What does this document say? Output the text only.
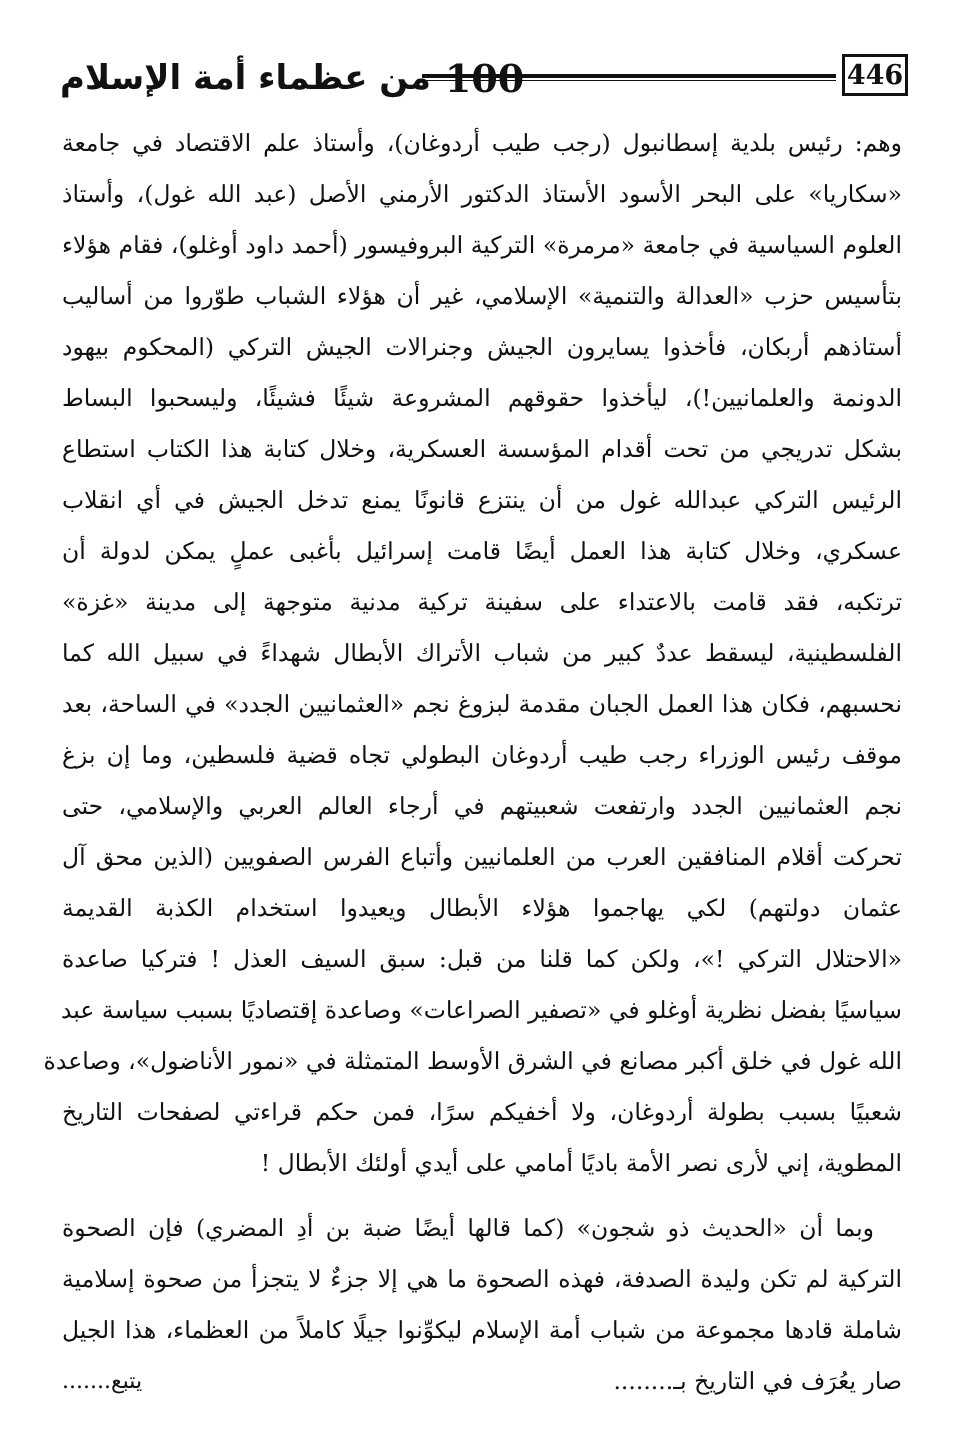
446
100
من عظماء أمة الإسلام
وهم: رئيس بلدية إسطانبول (رجب طيب أردوغان)، وأستاذ علم الاقتصاد في جامعة
«سكاريا» على البحر الأسود الأستاذ الدكتور الأرمني الأصل (عبد الله غول)، وأستاذ
العلوم السياسية في جامعة «مرمرة» التركية البروفيسور (أحمد داود أوغلو)، فقام هؤلاء
بتأسيس حزب «العدالة والتنمية» الإسلامي، غير أن هؤلاء الشباب طوّروا من أساليب
أستاذهم أربكان، فأخذوا يسايرون الجيش وجنرالات الجيش التركي (المحكوم بيهود
الدونمة والعلمانيين!)، ليأخذوا حقوقهم المشروعة شيئًا فشيئًا، وليسحبوا البساط
بشكل تدريجي من تحت أقدام المؤسسة العسكرية، وخلال كتابة هذا الكتاب استطاع
الرئيس التركي عبدالله غول من أن ينتزع قانونًا يمنع تدخل الجيش في أي انقلاب
عسكري، وخلال كتابة هذا العمل أيضًا قامت إسرائيل بأغبى عملٍ يمكن لدولة أن
ترتكبه، فقد قامت بالاعتداء على سفينة تركية مدنية متوجهة إلى مدينة «غزة»
الفلسطينية، ليسقط عددٌ كبير من شباب الأتراك الأبطال شهداءً في سبيل الله كما
نحسبهم، فكان هذا العمل الجبان مقدمة لبزوغ نجم «العثمانيين الجدد» في الساحة، بعد
موقف رئيس الوزراء رجب طيب أردوغان البطولي تجاه قضية فلسطين، وما إن بزغ
نجم العثمانيين الجدد وارتفعت شعبيتهم في أرجاء العالم العربي والإسلامي، حتى
تحركت أقلام المنافقين العرب من العلمانيين وأتباع الفرس الصفويين (الذين محق آل
عثمان دولتهم) لكي يهاجموا هؤلاء الأبطال ويعيدوا استخدام الكذبة القديمة
«الاحتلال التركي !»، ولكن كما قلنا من قبل: سبق السيف العذل ! فتركيا صاعدة
سياسيًا بفضل نظرية أوغلو في «تصفير الصراعات» وصاعدة إقتصاديًا بسبب سياسة عبد
الله غول في خلق أكبر مصانع في الشرق الأوسط المتمثلة في «نمور الأناضول»، وصاعدة
شعبيًا بسبب بطولة أردوغان، ولا أخفيكم سرًا، فمن حكم قراءتي لصفحات التاريخ
المطوية، إني لأرى نصر الأمة باديًا أمامي على أيدي أولئك الأبطال !
وبما أن «الحديث ذو شجون» (كما قالها أيضًا ضبة بن أدِ المضري) فإن الصحوة
التركية لم تكن وليدة الصدفة، فهذه الصحوة ما هي إلا جزءٌ لا يتجزأ من صحوة إسلامية
شاملة قادها مجموعة من شباب أمة الإسلام ليكوِّنوا جيلًا كاملاً من العظماء، هذا الجيل
صار يعُرَف في التاريخ بـ........
يتبع.......
